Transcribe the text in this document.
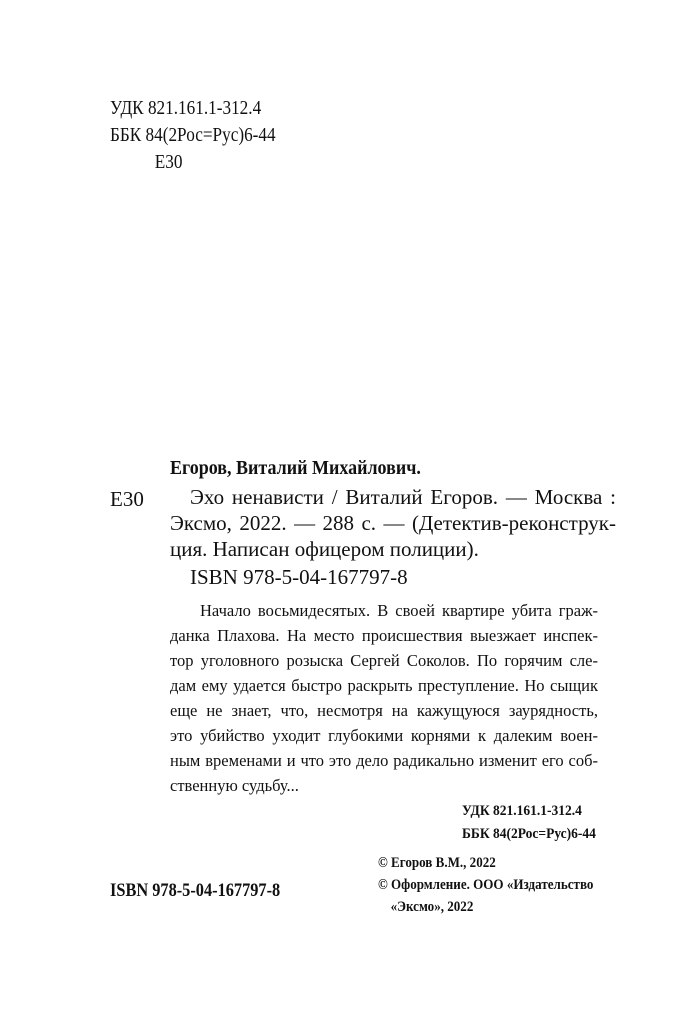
УДК 821.161.1-312.4
ББК 84(2Рос=Рус)6-44
Е30
Егоров, Виталий Михайлович.
Е30 Эхо ненависти / Виталий Егоров. — Москва :
Эксмо, 2022. — 288 с. — (Детектив-реконструк-
ция. Написан офицером полиции).
ISBN 978-5-04-167797-8
Начало восьмидесятых. В своей квартире убита граж-
данка Плахова. На место происшествия выезжает инспек-
тор уголовного розыска Сергей Соколов. По горячим сле-
дам ему удается быстро раскрыть преступление. Но сыщик
еще не знает, что, несмотря на кажущуюся заурядность,
это убийство уходит глубокими корнями к далеким воен-
ным временами и что это дело радикально изменит его соб-
ственную судьбу...
УДК 821.161.1-312.4
ББК 84(2Рос=Рус)6-44
© Егоров В.М., 2022
© Оформление. ООО «Издательство
«Эксмо», 2022
ISBN 978-5-04-167797-8
